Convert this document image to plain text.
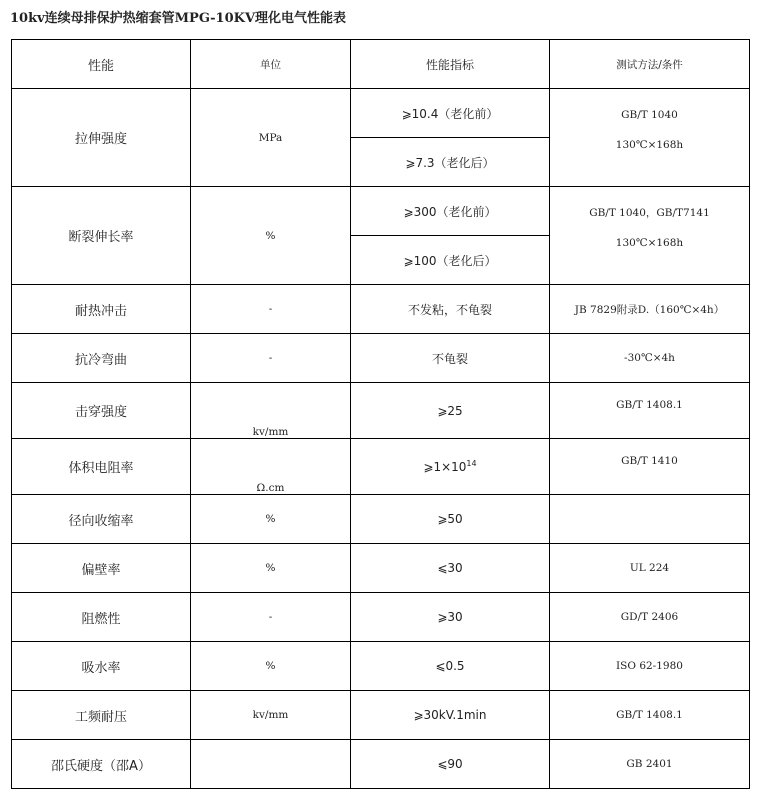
10kv连续母排保护热缩套管MPG-10KV理化电气性能表
性能	单位	性能指标	测试方法/条件
拉伸强度	MPa	⩾10.4（老化前）	GB/T 1040
130℃×168h

		⩾7.3（老化后）	
断裂伸长率	%	⩾300（老化前）	GB/T 1040，GB/T7141
130℃×168h

		⩾100（老化后）	
耐热冲击	-	不发粘，不龟裂	JB 7829附录D.（160℃×4h）
抗冷弯曲	-	不龟裂	-30℃×4h
击穿强度	kv/mm	⩾25	GB/T 1408.1
体积电阻率	Ω.cm	$⩾1\times 10^{14}$	GB/T 1410
径向收缩率	%	⩾50	
偏壁率	%	⩽30	UL 224
阻燃性	-	⩾30	GD/T 2406
吸水率	%	⩽0.5	ISO 62-1980
工频耐压	kv/mm	⩾30kV.1min	GB/T 1408.1
邵氏硬度（邵A）		⩽90	GB 2401
